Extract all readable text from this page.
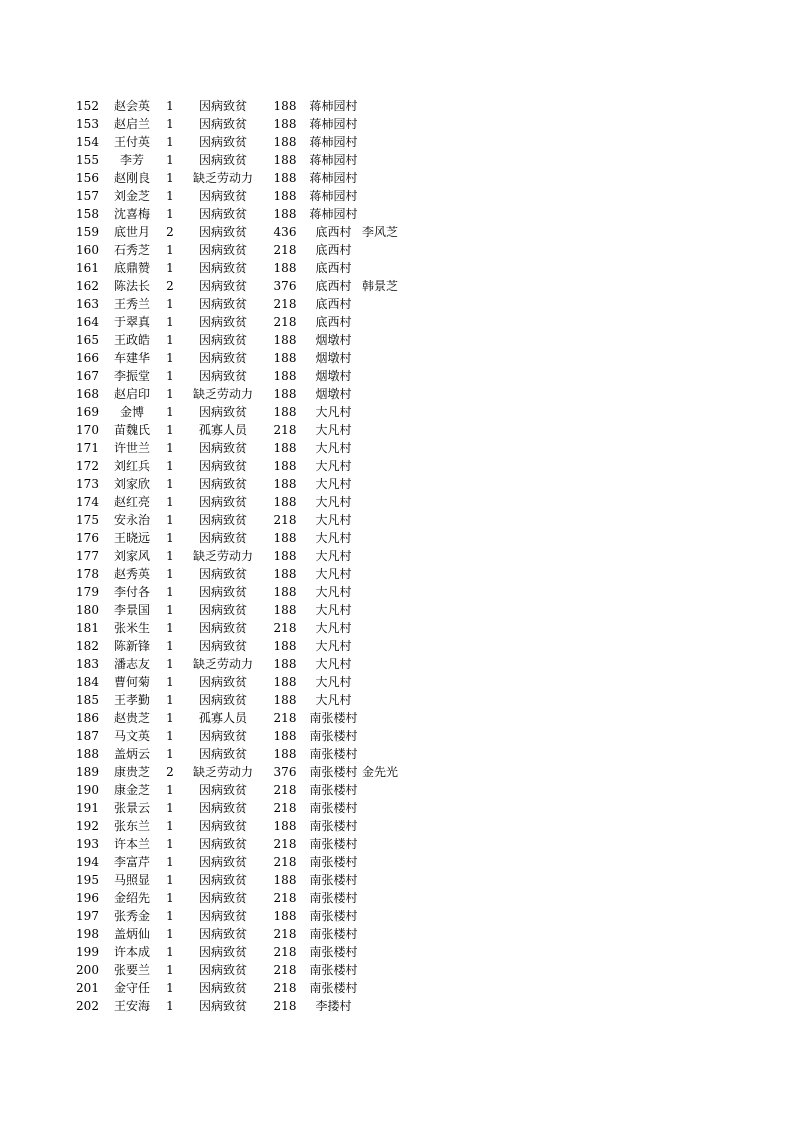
152	赵会英	1	因病致贫	188	蒋柿园村	
153	赵启兰	1	因病致贫	188	蒋柿园村	
154	王付英	1	因病致贫	188	蒋柿园村	
155	李芳	1	因病致贫	188	蒋柿园村	
156	赵刚良	1	缺乏劳动力	188	蒋柿园村	
157	刘金芝	1	因病致贫	188	蒋柿园村	
158	沈喜梅	1	因病致贫	188	蒋柿园村	
159	底世月	2	因病致贫	436	底西村	李风芝
160	石秀芝	1	因病致贫	218	底西村	
161	底鼎赞	1	因病致贫	188	底西村	
162	陈法长	2	因病致贫	376	底西村	韩景芝
163	王秀兰	1	因病致贫	218	底西村	
164	于翠真	1	因病致贫	218	底西村	
165	王政皓	1	因病致贫	188	烟墩村	
166	车建华	1	因病致贫	188	烟墩村	
167	李振堂	1	因病致贫	188	烟墩村	
168	赵启印	1	缺乏劳动力	188	烟墩村	
169	金博	1	因病致贫	188	大凡村	
170	苗魏氏	1	孤寡人员	218	大凡村	
171	许世兰	1	因病致贫	188	大凡村	
172	刘红兵	1	因病致贫	188	大凡村	
173	刘家欣	1	因病致贫	188	大凡村	
174	赵红亮	1	因病致贫	188	大凡村	
175	安永治	1	因病致贫	218	大凡村	
176	王晓远	1	因病致贫	188	大凡村	
177	刘家风	1	缺乏劳动力	188	大凡村	
178	赵秀英	1	因病致贫	188	大凡村	
179	李付各	1	因病致贫	188	大凡村	
180	李景国	1	因病致贫	188	大凡村	
181	张米生	1	因病致贫	218	大凡村	
182	陈新锋	1	因病致贫	188	大凡村	
183	潘志友	1	缺乏劳动力	188	大凡村	
184	曹何菊	1	因病致贫	188	大凡村	
185	王孝勤	1	因病致贫	188	大凡村	
186	赵贵芝	1	孤寡人员	218	南张楼村	
187	马文英	1	因病致贫	188	南张楼村	
188	盖炳云	1	因病致贫	188	南张楼村	
189	康贵芝	2	缺乏劳动力	376	南张楼村	金先光
190	康金芝	1	因病致贫	218	南张楼村	
191	张景云	1	因病致贫	218	南张楼村	
192	张东兰	1	因病致贫	188	南张楼村	
193	许本兰	1	因病致贫	218	南张楼村	
194	李富芹	1	因病致贫	218	南张楼村	
195	马照显	1	因病致贫	188	南张楼村	
196	金绍先	1	因病致贫	218	南张楼村	
197	张秀金	1	因病致贫	188	南张楼村	
198	盖炳仙	1	因病致贫	218	南张楼村	
199	许本成	1	因病致贫	218	南张楼村	
200	张要兰	1	因病致贫	218	南张楼村	
201	金守任	1	因病致贫	218	南张楼村	
202	王安海	1	因病致贫	218	李搂村	
